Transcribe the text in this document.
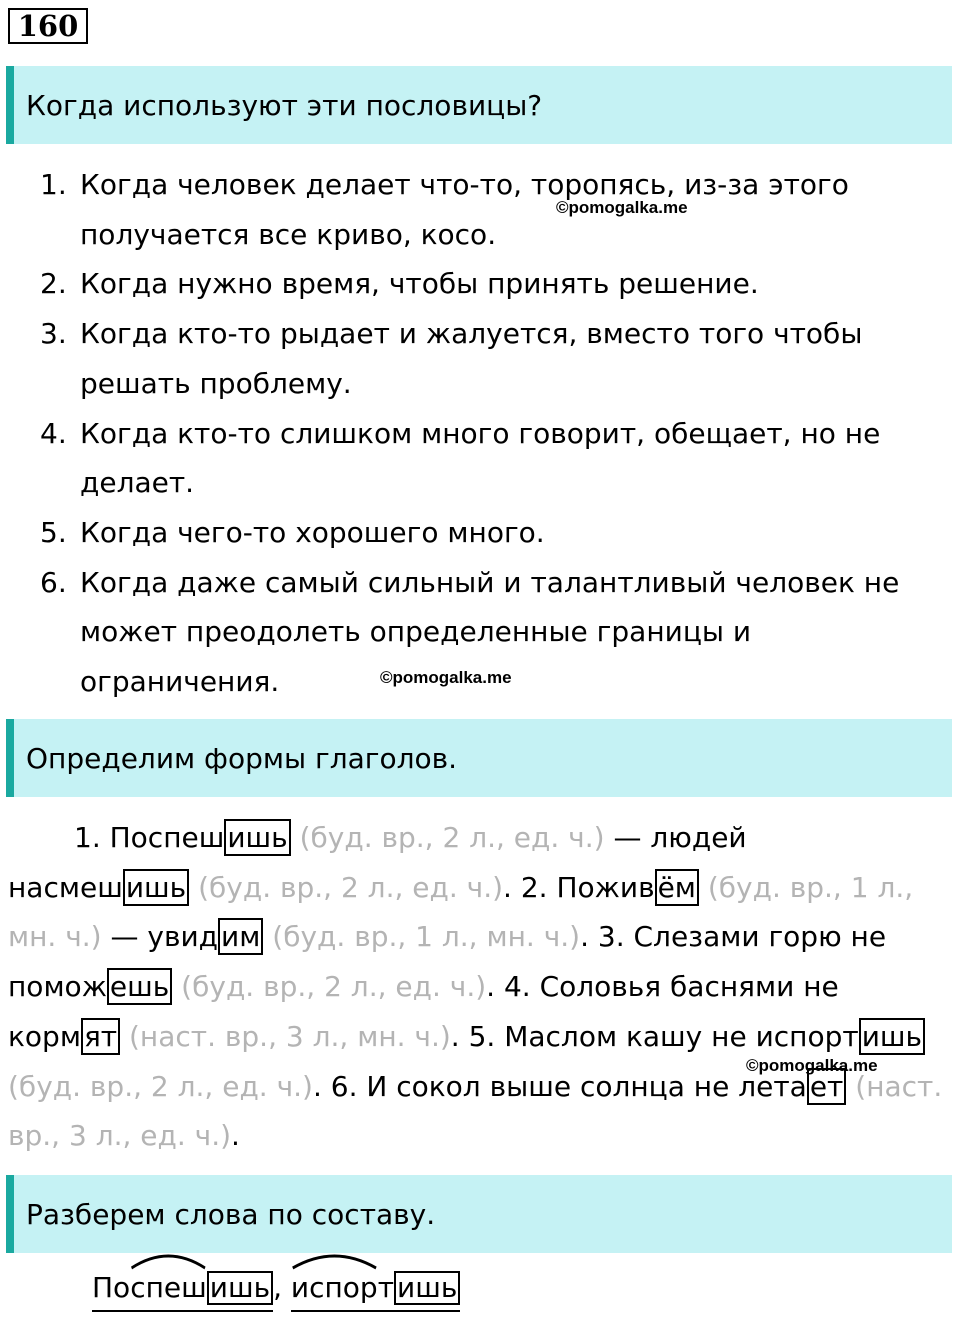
160
Когда используют эти пословицы?
1. Когда человек делает что-то, торопясь, из-за этого получается все криво, косо.
2. Когда нужно время, чтобы принять решение.
3. Когда кто-то рыдает и жалуется, вместо того чтобы решать проблему.
4. Когда кто-то слишком много говорит, обещает, но не делает.
5. Когда чего-то хорошего много.
6. Когда даже самый сильный и талантливый человек не может преодолеть определенные границы и ограничения.
©pomogalka.me
©pomogalka.me
©pomogalka.me
Определим формы глаголов.
1. Поспеш ишь (буд. вр., 2 л., ед. ч.) — людей
насмеш ишь (буд. вр., 2 л., ед. ч.). 2. Пожив ём (буд. вр., 1 л., мн. ч.) — увид им (буд. вр., 1 л., мн. ч.). 3. Слезами горю не помож ешь (буд. вр., 2 л., ед. ч.). 4. Соловья баснями не корм ят (наст. вр., 3 л., мн. ч.). 5. Маслом кашу не испорт ишь (буд. вр., 2 л., ед. ч.). 6. И сокол выше солнца не лета ет (наст. вр., 3 л., ед. ч.).
Разберем слова по составу.
По
спеш ишь , испорт ишь
